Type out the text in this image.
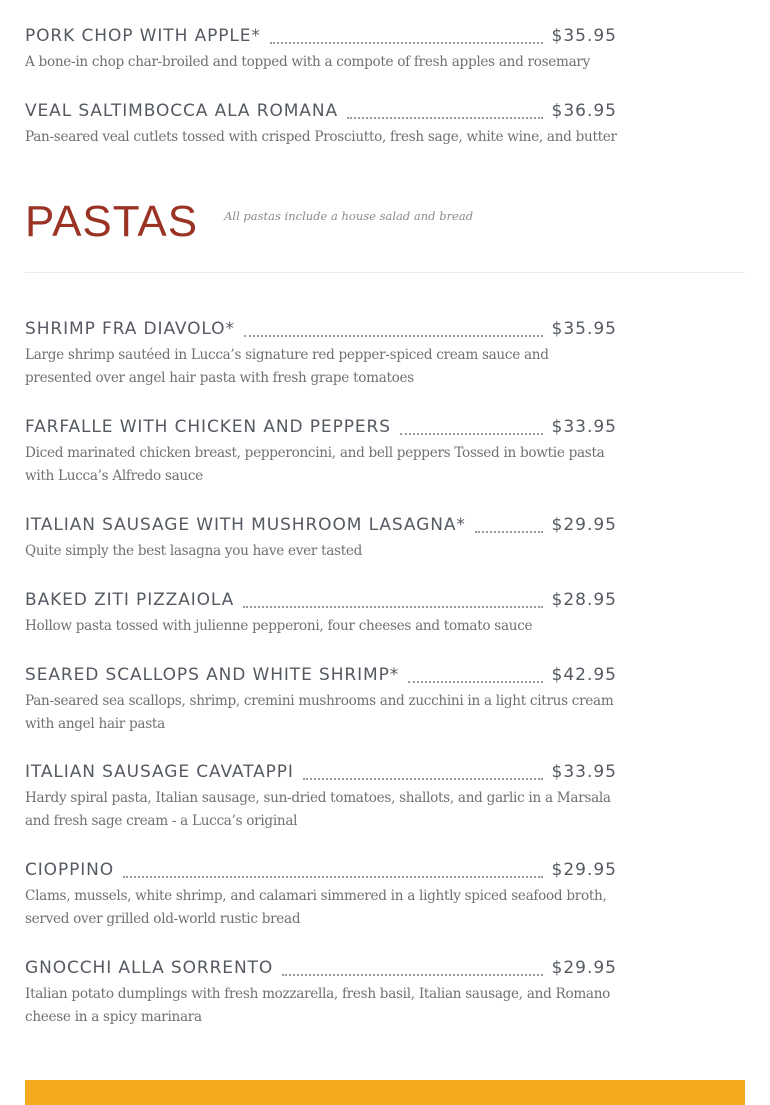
PORK CHOP WITH APPLE*	$35.95
A bone-in chop char-broiled and topped with a compote of fresh apples and rosemary
VEAL SALTIMBOCCA ALA ROMANA	$36.95
Pan-seared veal cutlets tossed with crisped Prosciutto, fresh sage, white wine, and butter
PASTAS All pastas include a house salad and bread
SHRIMP FRA DIAVOLO*	$35.95
Large shrimp sautéed in Lucca’s signature red pepper-spiced cream sauce and presented over angel hair pasta with fresh grape tomatoes
FARFALLE WITH CHICKEN AND PEPPERS	$33.95
Diced marinated chicken breast, pepperoncini, and bell peppers Tossed in bowtie pasta with Lucca’s Alfredo sauce
ITALIAN SAUSAGE WITH MUSHROOM LASAGNA*	$29.95
Quite simply the best lasagna you have ever tasted
BAKED ZITI PIZZAIOLA	$28.95
Hollow pasta tossed with julienne pepperoni, four cheeses and tomato sauce
SEARED SCALLOPS AND WHITE SHRIMP*	$42.95
Pan-seared sea scallops, shrimp, cremini mushrooms and zucchini in a light citrus cream with angel hair pasta
ITALIAN SAUSAGE CAVATAPPI	$33.95
Hardy spiral pasta, Italian sausage, sun-dried tomatoes, shallots, and garlic in a Marsala and fresh sage cream - a Lucca’s original
CIOPPINO	$29.95
Clams, mussels, white shrimp, and calamari simmered in a lightly spiced seafood broth, served over grilled old-world rustic bread
GNOCCHI ALLA SORRENTO	$29.95
Italian potato dumplings with fresh mozzarella, fresh basil, Italian sausage, and Romano cheese in a spicy marinara
